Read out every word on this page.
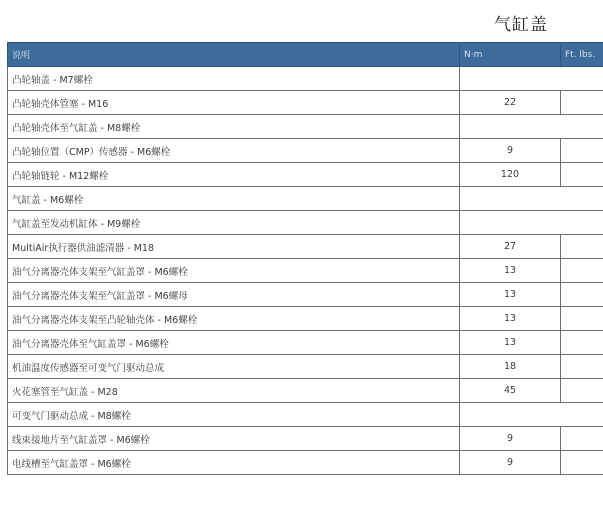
气缸盖
说明	N·m	Ft. lbs.
凸轮轴盖 - M7螺栓		
凸轮轴壳体管塞 - M16	22	
凸轮轴壳体至气缸盖 - M8螺栓		
凸轮轴位置（CMP）传感器 - M6螺栓	9	
凸轮轴链轮 - M12螺栓	120	
气缸盖 - M6螺栓		
气缸盖至发动机缸体 - M9螺栓		
MultiAir执行器供油滤清器 - M18	27	
油气分离器壳体支架至气缸盖罩 - M6螺栓	13	
油气分离器壳体支架至气缸盖罩 - M6螺母	13	
油气分离器壳体支架至凸轮轴壳体 - M6螺栓	13	
油气分离器壳体至气缸盖罩 - M6螺栓	13	
机油温度传感器至可变气门驱动总成	18	
火花塞管至气缸盖 - M28	45	
可变气门驱动总成 - M8螺栓		
线束接地片至气缸盖罩 - M6螺栓	9	
电线槽至气缸盖罩 - M6螺栓	9	
